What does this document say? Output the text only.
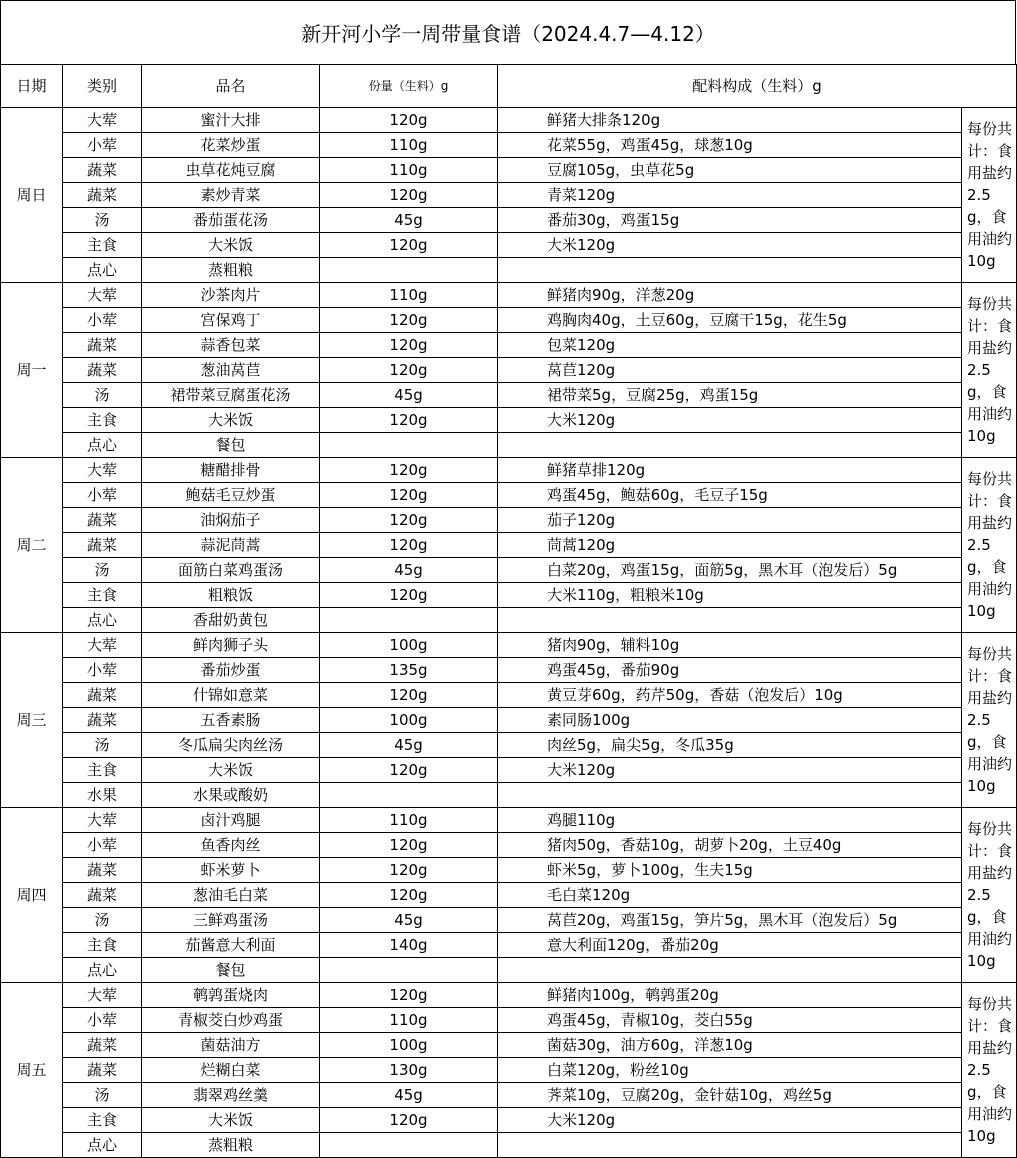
新开河小学一周带量食谱（2024.4.7—4.12）
日期	类别	品名	份量（生料）g	配料构成（生料）g	
周日	大荤	蜜汁大排	120g	鲜猪大排条120g	每份共计：食用盐约2.5g，食用油约10g
	小荤	花菜炒蛋	110g	花菜55g，鸡蛋45g，球葱10g	
	蔬菜	虫草花炖豆腐	110g	豆腐105g，虫草花5g	
	蔬菜	素炒青菜	120g	青菜120g	
	汤	番茄蛋花汤	45g	番茄30g，鸡蛋15g	
	主食	大米饭	120g	大米120g	
	点心	蒸粗粮			
周一	大荤	沙茶肉片	110g	鲜猪肉90g，洋葱20g	每份共计：食用盐约2.5g，食用油约10g
	小荤	宫保鸡丁	120g	鸡胸肉40g，土豆60g，豆腐干15g，花生5g	
	蔬菜	蒜香包菜	120g	包菜120g	
	蔬菜	葱油莴苣	120g	莴苣120g	
	汤	裙带菜豆腐蛋花汤	45g	裙带菜5g，豆腐25g，鸡蛋15g	
	主食	大米饭	120g	大米120g	
	点心	餐包			
周二	大荤	糖醋排骨	120g	鲜猪草排120g	每份共计：食用盐约2.5g，食用油约10g
	小荤	鲍菇毛豆炒蛋	120g	鸡蛋45g，鲍菇60g，毛豆子15g	
	蔬菜	油焖茄子	120g	茄子120g	
	蔬菜	蒜泥茼蒿	120g	茼蒿120g	
	汤	面筋白菜鸡蛋汤	45g	白菜20g，鸡蛋15g，面筋5g，黑木耳（泡发后）5g	
	主食	粗粮饭	120g	大米110g，粗粮米10g	
	点心	香甜奶黄包			
周三	大荤	鲜肉狮子头	100g	猪肉90g，辅料10g	每份共计：食用盐约2.5g，食用油约10g
	小荤	番茄炒蛋	135g	鸡蛋45g，番茄90g	
	蔬菜	什锦如意菜	120g	黄豆芽60g，药芹50g，香菇（泡发后）10g	
	蔬菜	五香素肠	100g	素同肠100g	
	汤	冬瓜扁尖肉丝汤	45g	肉丝5g，扁尖5g，冬瓜35g	
	主食	大米饭	120g	大米120g	
	水果	水果或酸奶			
周四	大荤	卤汁鸡腿	110g	鸡腿110g	每份共计：食用盐约2.5g，食用油约10g
	小荤	鱼香肉丝	120g	猪肉50g，香菇10g，胡萝卜20g，土豆40g	
	蔬菜	虾米萝卜	120g	虾米5g，萝卜100g，生夫15g	
	蔬菜	葱油毛白菜	120g	毛白菜120g	
	汤	三鲜鸡蛋汤	45g	莴苣20g，鸡蛋15g，笋片5g，黑木耳（泡发后）5g	
	主食	茄酱意大利面	140g	意大利面120g，番茄20g	
	点心	餐包			
周五	大荤	鹌鹑蛋烧肉	120g	鲜猪肉100g，鹌鹑蛋20g	每份共计：食用盐约2.5g，食用油约10g
	小荤	青椒茭白炒鸡蛋	110g	鸡蛋45g，青椒10g，茭白55g	
	蔬菜	菌菇油方	100g	菌菇30g，油方60g，洋葱10g	
	蔬菜	烂糊白菜	130g	白菜120g，粉丝10g	
	汤	翡翠鸡丝羹	45g	荠菜10g，豆腐20g，金针菇10g，鸡丝5g	
	主食	大米饭	120g	大米120g	
	点心	蒸粗粮			
